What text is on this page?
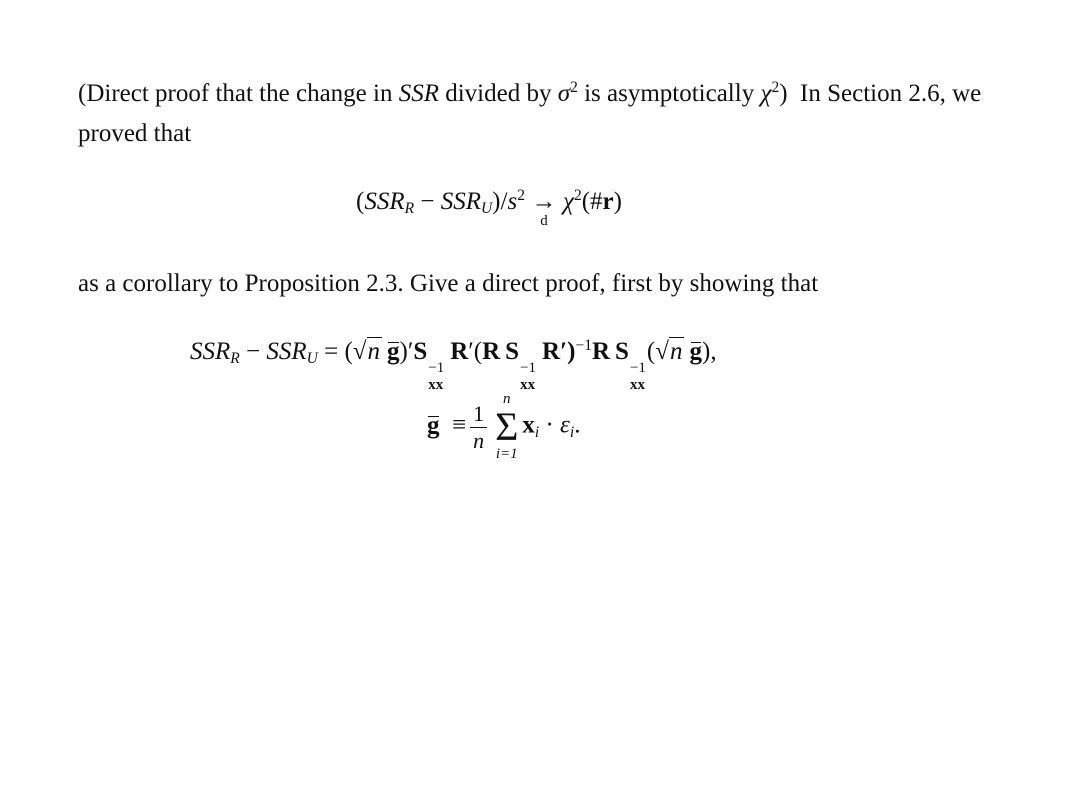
(Direct proof that the change in SSR divided by $\sigma^2$ is asymptotically $\chi^2$)  In Section 2.6, we proved that

$(SSR_R - SSR_U)/s^2$  →
d
 $\chi^2(\#r)$

as a corollary to Proposition 2.3. Give a direct proof, first by showing that

$SSR_R - SSR_U = (√n$  g)′S
−1
xx
 R′(R  S
−1
xx
 R′)$^{-1}$R  S
−1
xx
(√n  g),
g  ≡ $\frac{1}{n}$
n
Σ
i=1
$x_i \cdot \varepsilon_i$.
